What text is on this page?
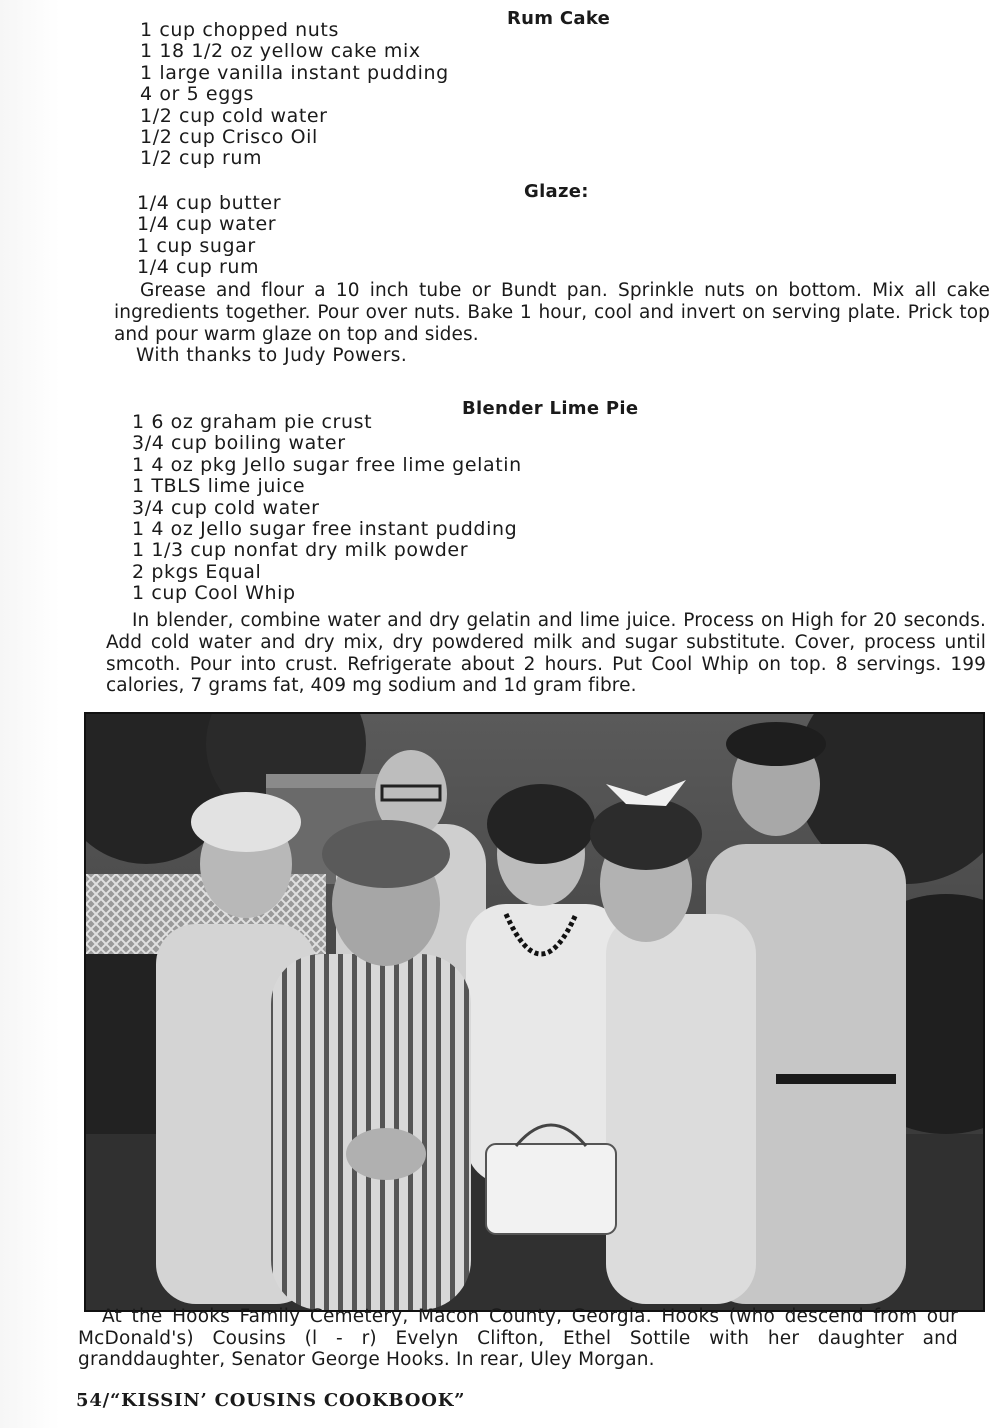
Rum Cake
1 cup chopped nuts
1 18 1/2 oz yellow cake mix
1 large vanilla instant pudding
4 or 5 eggs
1/2 cup cold water
1/2 cup Crisco Oil
1/2 cup rum
Glaze:
1/4 cup butter
1/4 cup water
1 cup sugar
1/4 cup rum

Grease and flour a 10 inch tube or Bundt pan. Sprinkle nuts on bottom. Mix all cake ingredients together. Pour over nuts. Bake 1 hour, cool and invert on serving plate. Prick top and pour warm glaze on top and sides.

With thanks to Judy Powers.
Blender Lime Pie
1 6 oz graham pie crust
3/4 cup boiling water
1 4 oz pkg Jello sugar free lime gelatin
1 TBLS lime juice
3/4 cup cold water
1 4 oz Jello sugar free instant pudding
1 1/3 cup nonfat dry milk powder
2 pkgs Equal
1 cup Cool Whip

In blender, combine water and dry gelatin and lime juice. Process on High for 20 seconds. Add cold water and dry mix, dry powdered milk and sugar substitute. Cover, process until smcoth. Pour into crust. Refrigerate about 2 hours. Put Cool Whip on top. 8 servings. 199 calories, 7 grams fat, 409 mg sodium and 1d gram fibre.

At the Hooks Family Cemetery, Macon County, Georgia. Hooks (who descend from our McDonald's) Cousins (l - r) Evelyn Clifton, Ethel Sottile with her daughter and granddaughter, Senator George Hooks. In rear, Uley Morgan.

54/“KISSIN’ COUSINS COOKBOOK”
